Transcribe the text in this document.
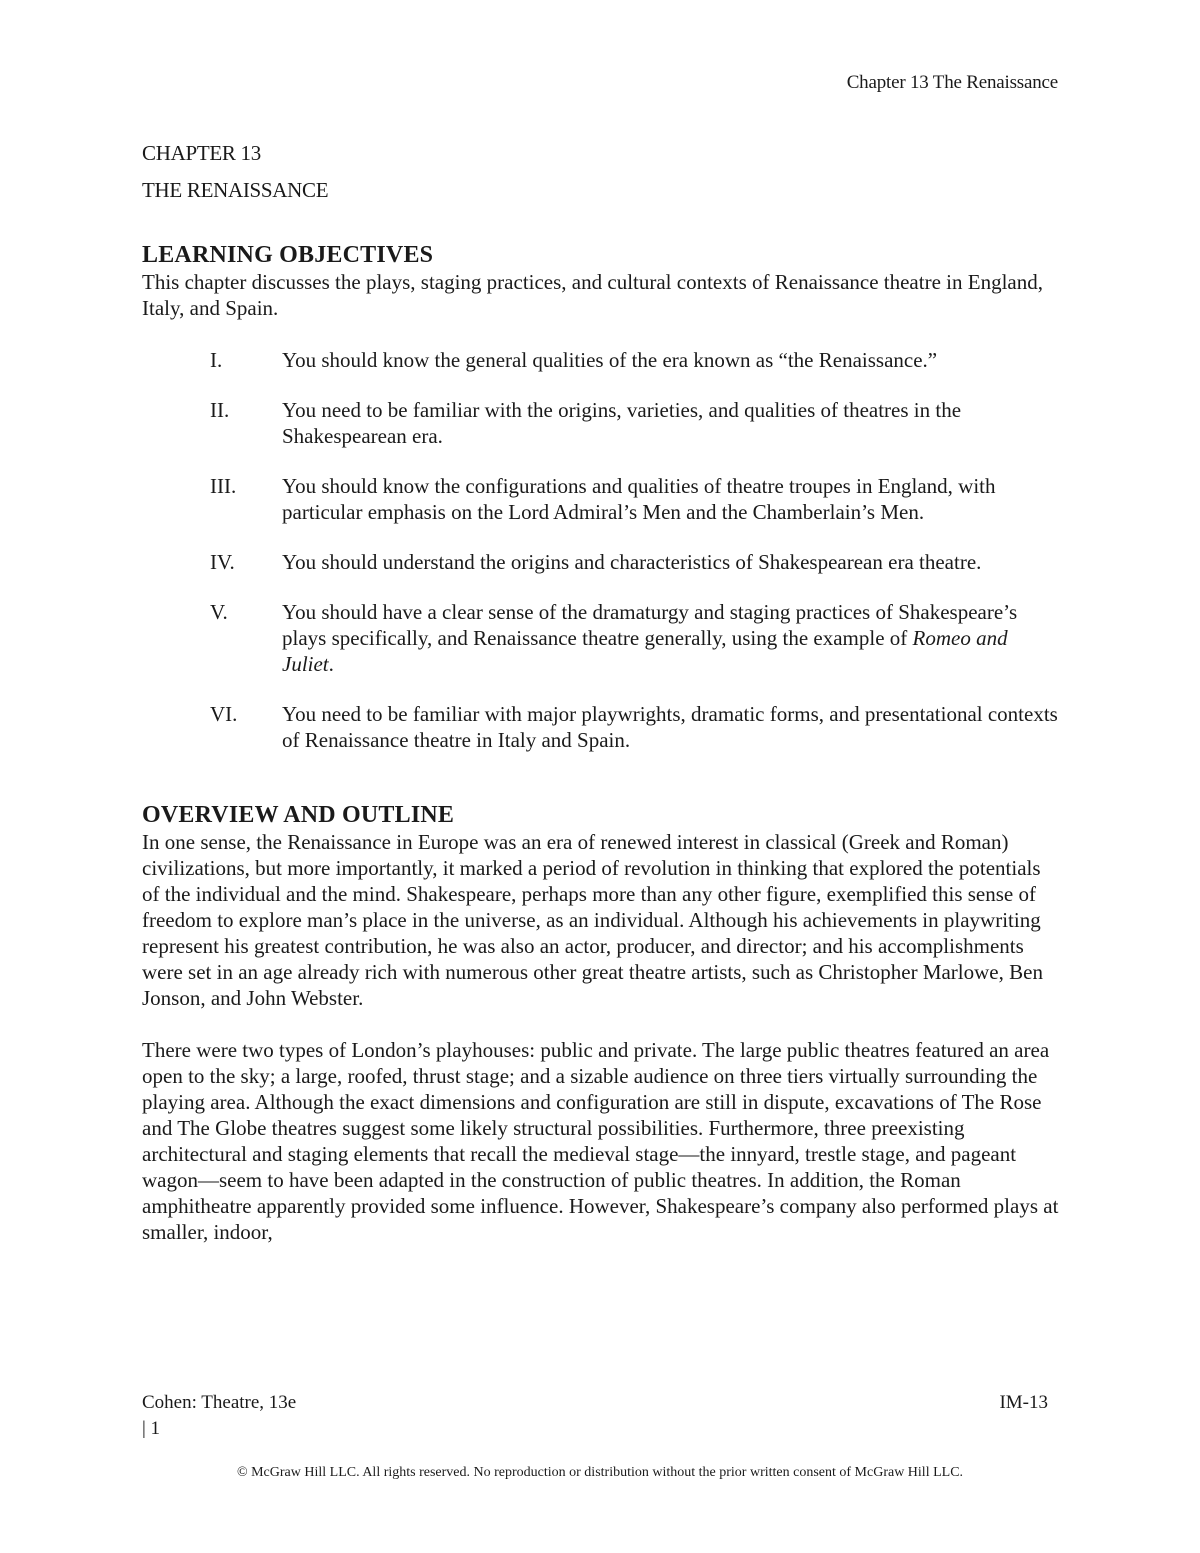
Chapter 13 The Renaissance
CHAPTER 13
THE RENAISSANCE
LEARNING OBJECTIVES

This chapter discusses the plays, staging practices, and cultural contexts of Renaissance theatre in England, Italy, and Spain.

I.	You should know the general qualities of the era known as “the Renaissance.”
II.	You need to be familiar with the origins, varieties, and qualities of theatres in the Shakespearean era.
III. You should know the configurations and qualities of theatre troupes in England, with particular emphasis on the Lord Admiral’s Men and the Chamberlain’s Men.
IV. You should understand the origins and characteristics of Shakespearean era theatre.
V.	You should have a clear sense of the dramaturgy and staging practices of Shakespeare’s plays specifically, and Renaissance theatre generally, using the example of Romeo and Juliet.
VI. You need to be familiar with major playwrights, dramatic forms, and presentational contexts of Renaissance theatre in Italy and Spain.
OVERVIEW AND OUTLINE

In one sense, the Renaissance in Europe was an era of renewed interest in classical (Greek and Roman) civilizations, but more importantly, it marked a period of revolution in thinking that explored the potentials of the individual and the mind. Shakespeare, perhaps more than any other figure, exemplified this sense of freedom to explore man’s place in the universe, as an individual. Although his achievements in playwriting represent his greatest contribution, he was also an actor, producer, and director; and his accomplishments were set in an age already rich with numerous other great theatre artists, such as Christopher Marlowe, Ben Jonson, and John Webster.

There were two types of London’s playhouses: public and private. The large public theatres featured an area open to the sky; a large, roofed, thrust stage; and a sizable audience on three tiers virtually surrounding the playing area. Although the exact dimensions and configuration are still in dispute, excavations of The Rose and The Globe theatres suggest some likely structural possibilities. Furthermore, three preexisting architectural and staging elements that recall the medieval stage—the innyard, trestle stage, and pageant wagon—seem to have been adapted in the construction of public theatres. In addition, the Roman amphitheatre apparently provided some influence. However, Shakespeare’s company also performed plays at smaller, indoor,

Cohen: Theatre, 13e	IM-13
| 1
© McGraw Hill LLC. All rights reserved. No reproduction or distribution without the prior written consent of McGraw Hill LLC.
